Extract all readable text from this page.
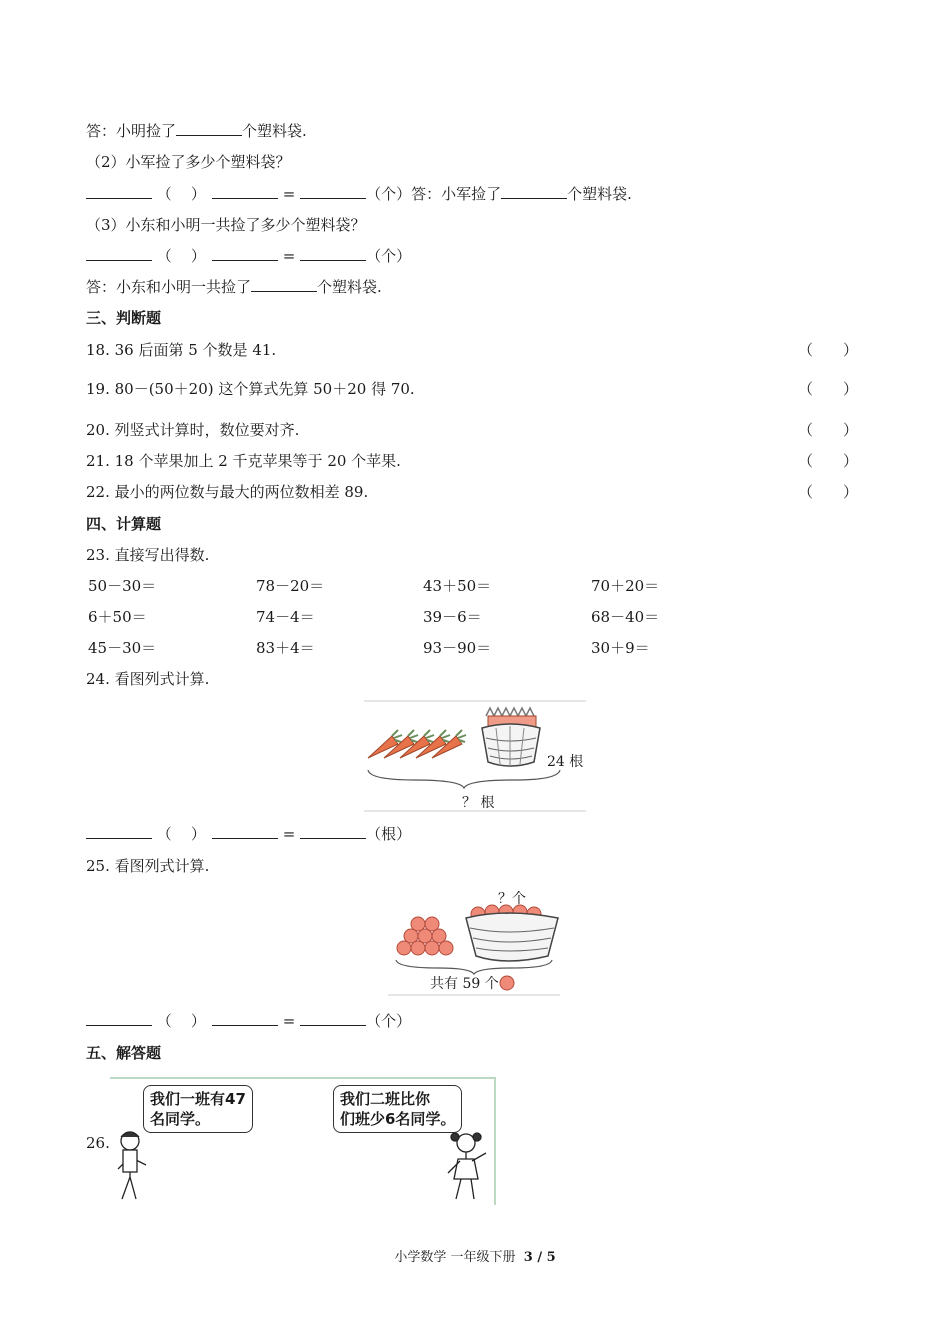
答：小明捡了	个塑料袋.
（2）小军捡了多少个塑料袋？
（ ）	=	（个）答：小军捡了	个塑料袋.
（3）小东和小明一共捡了多少个塑料袋？
（ ）	=	（个）
答：小东和小明一共捡了	个塑料袋.
三、判断题
18. 36 后面第 5 个数是 41.	（　　）
19. 80－(50＋20) 这个算式先算 50＋20 得 70.	（　　）
20. 列竖式计算时，数位要对齐.	（　　）
21. 18 个苹果加上 2 千克苹果等于 20 个苹果.	（　　）
22. 最小的两位数与最大的两位数相差 89.	（　　）
四、计算题
23. 直接写出得数.
50－30＝	78－20＝	43＋50＝	70＋20＝
6＋50＝	74－4＝	39－6＝	68－40＝
45－30＝	83＋4＝	93－90＝	30＋9＝
24. 看图列式计算.
24 根
？ 根
（ ）	=	（根）
25. 看图列式计算.
？个
共有 59 个
（ ）	=	（个）
五、解答题
26.
我们一班有47
名同学。
我们二班比你
们班少6名同学。
小学数学 一年级下册 3 / 5
